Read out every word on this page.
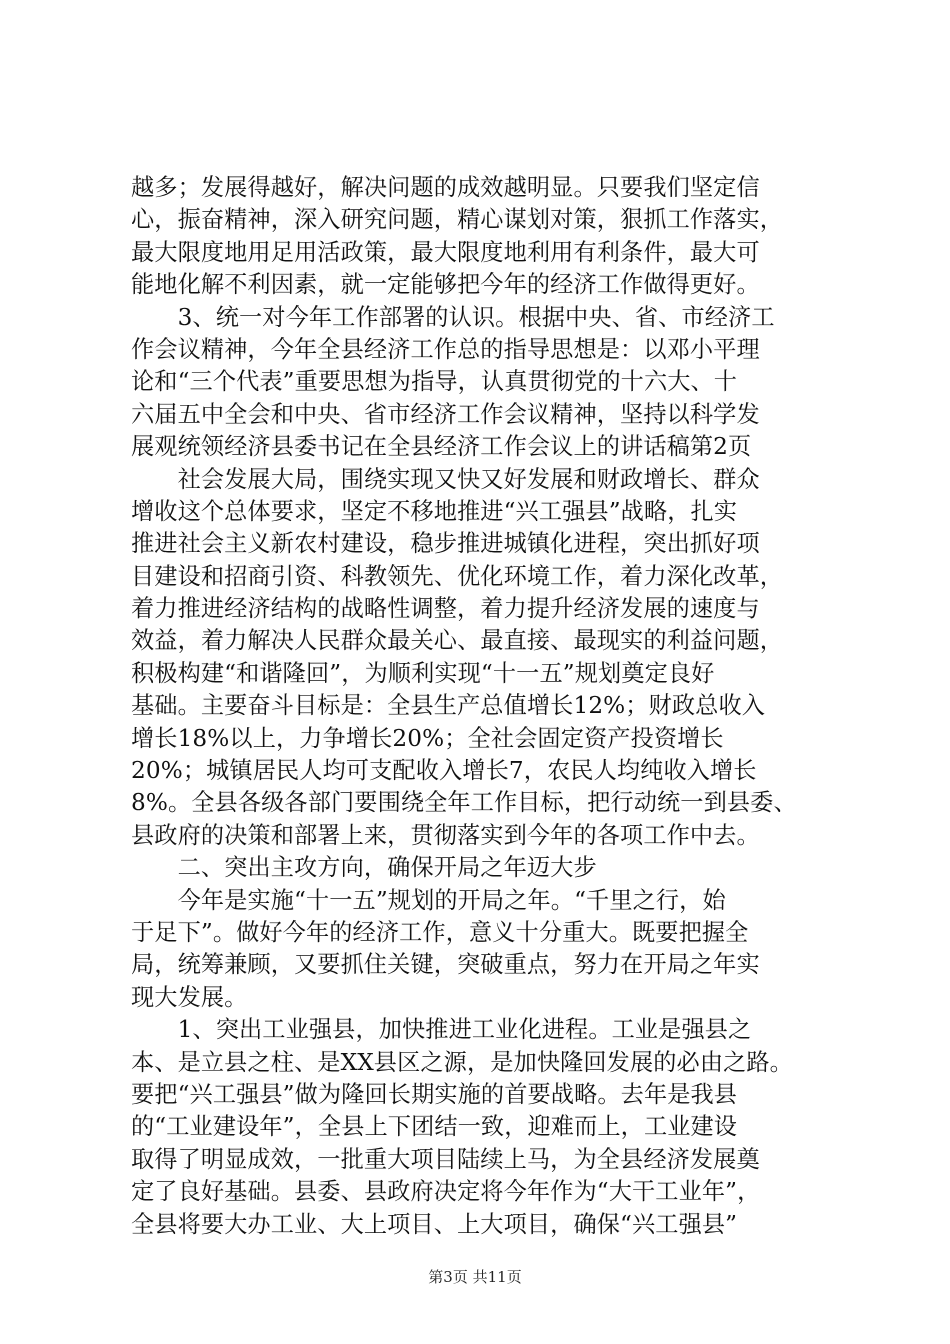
越多；发展得越好，解决问题的成效越明显。只要我们坚定信
心，振奋精神，深入研究问题，精心谋划对策，狠抓工作落实，
最大限度地用足用活政策，最大限度地利用有利条件，最大可
能地化解不利因素，就一定能够把今年的经济工作做得更好。
　　3、统一对今年工作部署的认识。根据中央、省、市经济工
作会议精神，今年全县经济工作总的指导思想是：以邓小平理
论和“三个代表”重要思想为指导，认真贯彻党的十六大、十
六届五中全会和中央、省市经济工作会议精神，坚持以科学发
展观统领经济县委书记在全县经济工作会议上的讲话稿第2页
　　社会发展大局，围绕实现又快又好发展和财政增长、群众
增收这个总体要求，坚定不移地推进“兴工强县”战略，扎实
推进社会主义新农村建设，稳步推进城镇化进程，突出抓好项
目建设和招商引资、科教领先、优化环境工作，着力深化改革，
着力推进经济结构的战略性调整，着力提升经济发展的速度与
效益，着力解决人民群众最关心、最直接、最现实的利益问题，
积极构建“和谐隆回”，为顺利实现“十一五”规划奠定良好
基础。主要奋斗目标是：全县生产总值增长12%；财政总收入
增长18%以上，力争增长20%；全社会固定资产投资增长
20%；城镇居民人均可支配收入增长7，农民人均纯收入增长
8%。全县各级各部门要围绕全年工作目标，把行动统一到县委、
县政府的决策和部署上来，贯彻落实到今年的各项工作中去。
　　二、突出主攻方向，确保开局之年迈大步
　　今年是实施“十一五”规划的开局之年。“千里之行，始
于足下”。做好今年的经济工作，意义十分重大。既要把握全
局，统筹兼顾，又要抓住关键，突破重点，努力在开局之年实
现大发展。
　　1、突出工业强县，加快推进工业化进程。工业是强县之
本、是立县之柱、是XX县区之源，是加快隆回发展的必由之路。
要把“兴工强县”做为隆回长期实施的首要战略。去年是我县
的“工业建设年”，全县上下团结一致，迎难而上，工业建设
取得了明显成效，一批重大项目陆续上马，为全县经济发展奠
定了良好基础。县委、县政府决定将今年作为“大干工业年”，
全县将要大办工业、大上项目、上大项目，确保“兴工强县”
第3页 共11页
